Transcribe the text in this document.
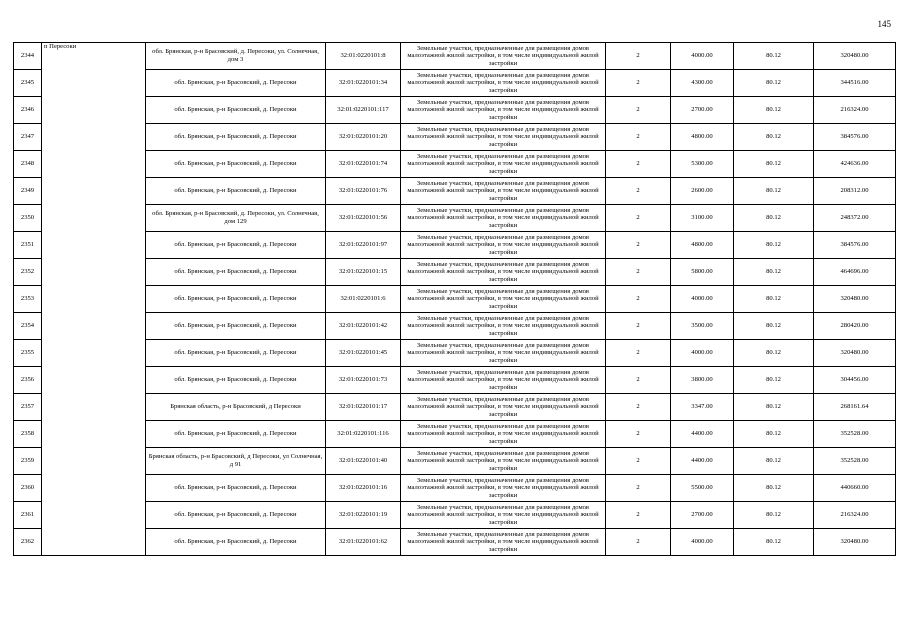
145
2344	п Пересоки	обл. Брянская, р-н Брасовский, д. Пересоки, ул. Солнечная, дом 3	32:01:0220101:8	Земельные участки, предназначенные для размещения домов малоэтажной жилой застройки, в том числе индивидуальной жилой застройки	2	4000.00	80.12	320480.00
2345		обл. Брянская, р-н Брасовский, д. Пересоки	32:01:0220101:34	Земельные участки, предназначенные для размещения домов малоэтажной жилой застройки, в том числе индивидуальной жилой застройки	2	4300.00	80.12	344516.00
2346		обл. Брянская, р-н Брасовский, д. Пересоки	32:01:0220101:117	Земельные участки, предназначенные для размещения домов малоэтажной жилой застройки, в том числе индивидуальной жилой застройки	2	2700.00	80.12	216324.00
2347		обл. Брянская, р-н Брасовский, д. Пересоки	32:01:0220101:20	Земельные участки, предназначенные для размещения домов малоэтажной жилой застройки, в том числе индивидуальной жилой застройки	2	4800.00	80.12	384576.00
2348		обл. Брянская, р-н Брасовский, д. Пересоки	32:01:0220101:74	Земельные участки, предназначенные для размещения домов малоэтажной жилой застройки, в том числе индивидуальной жилой застройки	2	5300.00	80.12	424636.00
2349		обл. Брянская, р-н Брасовский, д. Пересоки	32:01:0220101:76	Земельные участки, предназначенные для размещения домов малоэтажной жилой застройки, в том числе индивидуальной жилой застройки	2	2600.00	80.12	208312.00
2350		обл. Брянская, р-н Брасовский, д. Пересоки, ул. Солнечная, дом 129	32:01:0220101:56	Земельные участки, предназначенные для размещения домов малоэтажной жилой застройки, в том числе индивидуальной жилой застройки	2	3100.00	80.12	248372.00
2351		обл. Брянская, р-н Брасовский, д. Пересоки	32:01:0220101:97	Земельные участки, предназначенные для размещения домов малоэтажной жилой застройки, в том числе индивидуальной жилой застройки	2	4800.00	80.12	384576.00
2352		обл. Брянская, р-н Брасовский, д. Пересоки	32:01:0220101:15	Земельные участки, предназначенные для размещения домов малоэтажной жилой застройки, в том числе индивидуальной жилой застройки	2	5800.00	80.12	464696.00
2353		обл. Брянская, р-н Брасовский, д. Пересоки	32:01:0220101:6	Земельные участки, предназначенные для размещения домов малоэтажной жилой застройки, в том числе индивидуальной жилой застройки	2	4000.00	80.12	320480.00
2354		обл. Брянская, р-н Брасовский, д. Пересоки	32:01:0220101:42	Земельные участки, предназначенные для размещения домов малоэтажной жилой застройки, в том числе индивидуальной жилой застройки	2	3500.00	80.12	280420.00
2355		обл. Брянская, р-н Брасовский, д. Пересоки	32:01:0220101:45	Земельные участки, предназначенные для размещения домов малоэтажной жилой застройки, в том числе индивидуальной жилой застройки	2	4000.00	80.12	320480.00
2356		обл. Брянская, р-н Брасовский, д. Пересоки	32:01:0220101:73	Земельные участки, предназначенные для размещения домов малоэтажной жилой застройки, в том числе индивидуальной жилой застройки	2	3800.00	80.12	304456.00
2357		Брянская область, р-н Брасовский, д Пересоки	32:01:0220101:17	Земельные участки, предназначенные для размещения домов малоэтажной жилой застройки, в том числе индивидуальной жилой застройки	2	3347.00	80.12	268161.64
2358		обл. Брянская, р-н Брасовский, д. Пересоки	32:01:0220101:116	Земельные участки, предназначенные для размещения домов малоэтажной жилой застройки, в том числе индивидуальной жилой застройки	2	4400.00	80.12	352528.00
2359		Брянская область, р-н Брасовский, д Пересоки, ул Солнечная, д 91	32:01:0220101:40	Земельные участки, предназначенные для размещения домов малоэтажной жилой застройки, в том числе индивидуальной жилой застройки	2	4400.00	80.12	352528.00
2360		обл. Брянская, р-н Брасовский, д. Пересоки	32:01:0220101:16	Земельные участки, предназначенные для размещения домов малоэтажной жилой застройки, в том числе индивидуальной жилой застройки	2	5500.00	80.12	440660.00
2361		обл. Брянская, р-н Брасовский, д. Пересоки	32:01:0220101:19	Земельные участки, предназначенные для размещения домов малоэтажной жилой застройки, в том числе индивидуальной жилой застройки	2	2700.00	80.12	216324.00
2362		обл. Брянская, р-н Брасовский, д. Пересоки	32:01:0220101:62	Земельные участки, предназначенные для размещения домов малоэтажной жилой застройки, в том числе индивидуальной жилой застройки	2	4000.00	80.12	320480.00
